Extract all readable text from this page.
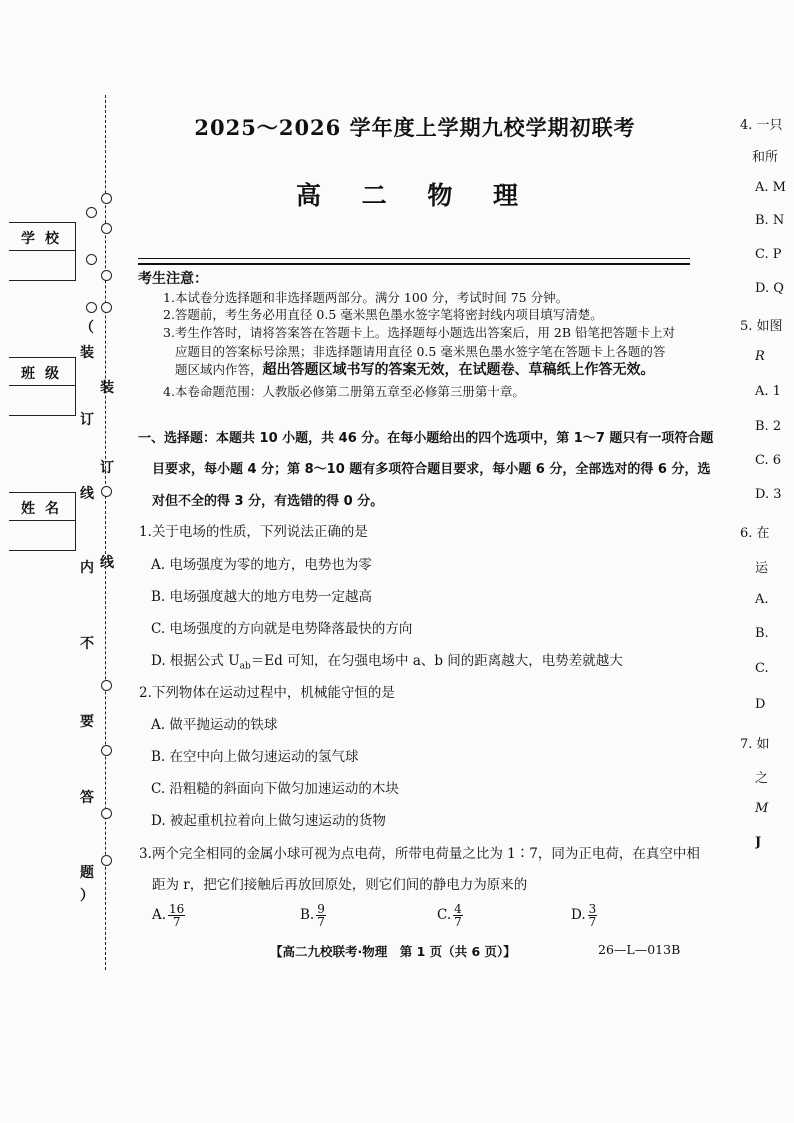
（
装
订
线
内
不
要
答
题
）
装
订
线
学校
班级
姓名
2025～2026 学年度上学期九校学期初联考
高 二 物 理
考生注意：
1.本试卷分选择题和非选择题两部分。满分 100 分，考试时间 75 分钟。
2.答题前，考生务必用直径 0.5 毫米黑色墨水签字笔将密封线内项目填写清楚。
3.考生作答时，请将答案答在答题卡上。选择题每小题选出答案后，用 2B 铅笔把答题卡上对
应题目的答案标号涂黑；非选择题请用直径 0.5 毫米黑色墨水签字笔在答题卡上各题的答
题区域内作答，超出答题区域书写的答案无效，在试题卷、草稿纸上作答无效。
4.本卷命题范围：人教版必修第二册第五章至必修第三册第十章。
一、选择题：本题共 10 小题，共 46 分。在每小题给出的四个选项中，第 1～7 题只有一项符合题
目要求，每小题 4 分；第 8～10 题有多项符合题目要求，每小题 6 分，全部选对的得 6 分，选
对但不全的得 3 分，有选错的得 0 分。
1.关于电场的性质，下列说法正确的是
A. 电场强度为零的地方，电势也为零
B. 电场强度越大的地方电势一定越高
C. 电场强度的方向就是电势降落最快的方向
D. 根据公式 $U_{ab}=Ed$ 可知，在匀强电场中 a、b 间的距离越大，电势差就越大
2.下列物体在运动过程中，机械能守恒的是
A. 做平抛运动的铁球
B. 在空中向上做匀速运动的氢气球
C. 沿粗糙的斜面向下做匀加速运动的木块
D. 被起重机拉着向上做匀速运动的货物
3.两个完全相同的金属小球可视为点电荷，所带电荷量之比为 1∶7，同为正电荷，在真空中相
距为 r，把它们接触后再放回原处，则它们间的静电力为原来的
A. $\frac{16}{7}$	B. $\frac{9}{7}$	C. $\frac{4}{7}$	D. $\frac{3}{7}$
【高二九校联考·物理　第 1 页（共 6 页）】	26—L—013B
4. 一只
和所
A. M
B. N
C. P
D. Q
5. 如图
R
A. 1
B. 2
C. 6
D. 3
6. 在
运
A.
B.
C.
D
7. 如
之
M
J
